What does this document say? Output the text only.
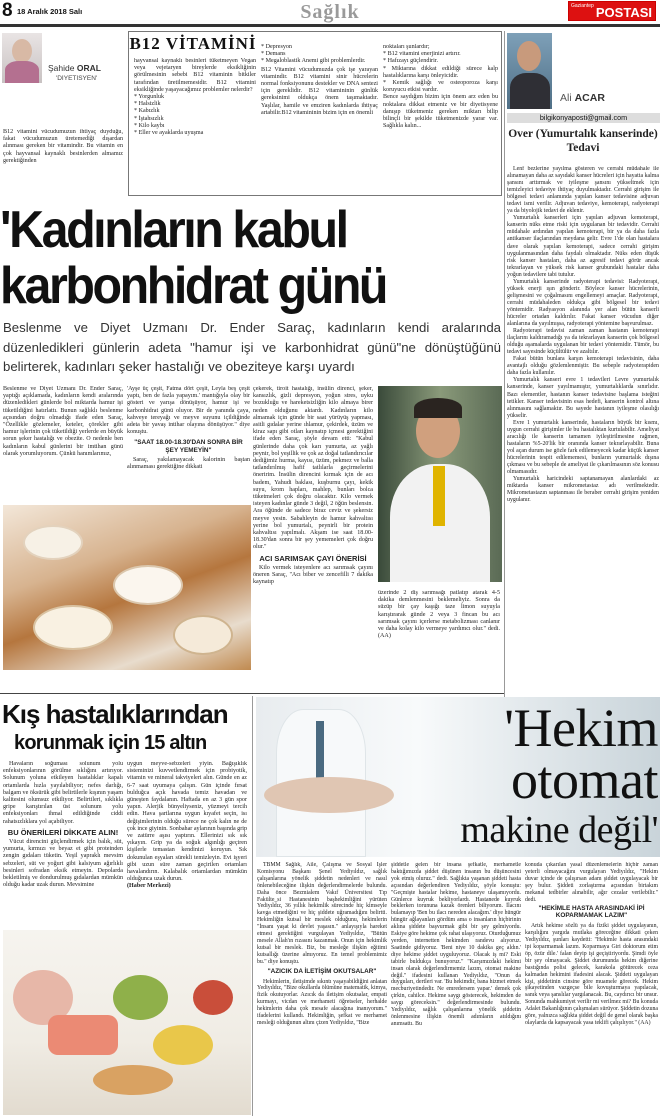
8 18 Aralık 2018 Salı	Sağlık	Gaziantep POSTASI
Şahide ORAL
'DİYETİSYEN'
B12 vitamini vücudumuzun ihtiyaç duyduğu, fakat vücudumuzun üretemediği dışardan alınması gereken bir vitamindir. Bu vitamin en çok hayvansal kaynaklı besinlerden almamız gerektiğinden
B12 VİTAMİNİ

hayvansal kaynaklı besinleri tüketmeyen Vegan veya vejetaryen bireylerde eksikliğinin görülmesinin sebebi B12 vitaminin bitkiler tarafından üretilmemesidir. B12 vitamini eksikliğinde yaşayacağımız problemler nelerdir?

* Yorgunluk
* Halsizlik
* Kabızlık
* İştahsızlık
* Kilo kaybı
* Eller ve ayaklarda uyuşma
* Depresyon
* Demans
* Megaloblastik Anemi gibi problemlerdir.

B12 Vitamini vücudumuzda çok işe yarayan vitamindir. B12 vitamini sinir hücrelerin normal fonksiyonunu destekler ve DNA sentezi için gereklidir. B12 vitamininin günlük gereksinimi oldukça önem taşımaktadır. Yaşlılar, hamile ve emziren kadınlarda ihtiyaç artabilir.B12 vitamininin bizim için en önemli

noktaları şunlardır;

* B12 vitamini enerjinizi artırır.
* Hafızayı güçlendirir.
* Miktarına dikkat edildiği sürece kalp hastalıklarına karşı önleyicidir.
* Kemik sağlığı ve osteoporoza karşı koruyucu etkisi vardır.

Bence saydığım bizim için önem arz eden bu noktalara dikkat etmeniz ve bir diyetisyene danışıp tüketmeniz gereken miktarı bilip bilinçli bir şekilde tüketmenizde yarar var. Sağlıkla kalın...

Ali ACAR
bilgikonyaposti@gmail.com
Over (Yumurtalık kanserinde) Tedavi

Lenf bezlerine yayılma gösteren ve cerrahi müdahale ile alınamayan daha az sayıdaki kanser hücreleri için hayatta kalma şansını arttırmak ve iyileşme şansını yükseltmek için temizleyici tedaviye ihtiyaç duyulmaktadır. Cerrahi girişim ile bölgesel tedavi anlamında yapılan kanser tedavisine adjuvan tedavi ismi verilir. Adjuvan tedaviye, kemoterapi, radyoterapi ya da biyolojik tedavi de eklenir.

Yumurtalık kanserleri için yapılan adjuvan kemoterapi, kanserin nüks etme riski için uygulanan bir tedavidir. Cerrahi müdahale ardından yapılan kemoterapi, bir ya da daha fazla antikanser ilaçlarından meydana gelir. Evre 1'de olan hastalara dave olarak yapılan kemoterapi, sadece cerrahi girişim uygulanmasından daha faydalı olmaktadır. Nüks eden düşük risk kanser hastaları, daha az agresif tedavi görür ancak tekrarlayan ve yüksek risk kanser grubundaki hastalar daha yoğun tedavilere tabi tutulur.

Yumurtalık kanserinde radyoterapi tedavisi: Radyoterapi, yüksek enerji ışın gönderir. Böylece kanser hücrelerinin, gelişmesini ve çoğalmasını engellemeyi amaçlar. Radyoterapi, cerrahi müdahaleden oldukça gibi bölgesel bir tedavi yöntemidir. Radyasyon alanında yer alan bütün kanserli hücreler ortadan kaldırılır. Fakat kanser vücudun diğer alanlarına da yayılmışsa, radyoterapi yöntemine başvurulmaz.

Radyoterapi tedavisi zaman zaman hastanın kemoterapi ilaçlarını kaldıramadığı ya da tekrarlayan kanserin çok bölgesel olduğu aşamalarda uygulanan bir tedavi yöntemidir. Tümör, bu tedavi sayesinde küçültülür ve azaltılır.

Fakat bütün bunlara karşın kemoterapi tedavisinin, daha avantajlı olduğu gözlemlenmiştir. Bu sebeple radyoterapiden daha fazla kullanılır.

Yumurtalık kanseri evre 1 tedavileri Levre yumurtalık kanserinde, kanser yayılmamıştır, yumurtalıklarda sınırlıdır. Bazı elementler, hastanın kanser tedavisine başlama isteğini tetikler. Kanser tedavisinin esas hedefi, kanserin kontrol altına alınmasını sağlamaktır. Bu sayede hastanın iyileşme olasılığı yükselir.

Evre 1 yumurtalık kanserinde, hastaların büyük bir kısmı, uygun cerrahi girişimler ile bu hastalıktan kurtulabilir. Ameliyat aracılığı ile kanserin tamamen iyileştirilmesine rağmen, hastaların %5-20'lik bir oranında kanser tekrarlayabilir. Buna yol açan durum ise gözle fark edilemeyecek kadar küçük kanser hücrelerinin tespit edilememesi, bunların yumurtalık dışına çıkması ve bu sebeple de ameliyat ile çıkarılmasının söz konusu olmamasıdır.

Yumurtalık haricindeki saptanamayan alanlardaki az miktarda kanser mikrometastaz adı verilmektedir. Mikrometastazın saptanması ile beraber cerrahi girişim yeniden uygulanır.

'Kadınların kabul
karbonhidrat günü
Beslenme ve Diyet Uzmanı Dr. Ender Saraç, kadınların kendi aralarında düzenledikleri günlerin adeta "hamur işi ve karbonhidrat günü"ne dönüştüğünü belirterek, kadınları şeker hastalığı ve obeziteye karşı uyardı
Beslenme ve Diyet Uzmanı Dr. Ender Saraç, yaptığı açıklamada, kadınların kendi aralarında düzenledikleri günlerde bol miktarda hamur işi tüketildiğini hatırlattı. Bunun sağlıklı beslenme açısından doğru olmadığı ifade eden Saraç, "Özellikle gözlemeler, keteler, çörekler gibi hamur işlerinin çok tüketildiği yerlerde en büyük sorun şeker hastalığı ve obezite. O nedenle ben kadınların kabul günlerini bir imtihan günü olarak yorumluyorum. Çünkü hanımlarımız,

'Ayşe üç çeşit, Fatma dört çeşit, Leyla beş çeşit yaptı, ben de fazla yapayım.' mantığıyla olay bir gösteri ve yarışa dönüşüyor, hamur işi ve karbonhidrat günü oluyor. Bir de yanında çaya, kahveye tereyağı ve meyve suyunu içildiğinde adeta bir yavaş intihar olayına dönüşüyor." diye konuştu.

"SAAT 18.00-18.30'DAN SONRA BİR ŞEY YEMEYİN"

Saraç, yakılamayacak kalorinin baştan alınmaması gerektiğine dikkati

çekerek, tiroit hastalığı, insülin direnci, şeker, kansızlık, gizli depresyon, yoğun stres, uyku bozukluğu ve hareketsizliğin kilo almaya birer neden olduğunu aktardı. Kadınların kilo almamak için günde bir saat yürüyüş yapması, asitli gıdalar yerine ıhlamur, çekirdek, üzüm ve kiraz sapı gibi otları kaynatıp içmesi gerektiğini ifade eden Saraç, şöyle devam etti: "Kabul günlerinde daha çok karı yumurta, az yağlı peynir, bol yeşillik ve çok az doğal tatlandırıcılar dediğimiz hurma, kayısı, üzüm, pekmez ve balla tatlandırılmış hafif tatlılarla geçirmelerini öneririm. İnsülin direncini kırmak için de acı badem, Yahudi baklası, kuşburnu çayı, kekik suyu, krom hapları, mahlep, bunları bolca tüketmeleri çok doğru olacaktır. Kilo vermek isteyen kadınlar günde 3 değil, 2 öğün beslensin. Ara öğünde de sadece biraz ceviz ve şekersiz meyve yesin. Sabahleyin de hamur kahvaltısı yerine bol yumurtalı, peynirli bir protein kahvaltısı yapılmalı. Akşam ise saat 18.00-18.30'dan sonra bir şey yememeleri çok doğru olur."

ACI SARIMSAK ÇAYI ÖNERİSİ

Kilo vermek isteyenlere acı sarımsak çayını öneren Saraç, "Acı biber ve zencefilli 7 dakika kaynatıp

üzerinde 2 diş sarımsağı patlatıp atarak 4-5 dakika demlenmesini beklemeliyiz. Sonra da süzüp bir çay kaşığı taze limon suyuyla karıştırarak günde 2 veya 3 fincan bu acı sarımsak çayını içerlerse metabolizması canlanır ve daha kolay kilo vermeye yardımcı olur." dedi. (AA)
Kış hastalıklarından
korunmak için 15 altın

Havaların soğuması solunum yolu enfeksiyonlarının görülme sıklığını artırıyor. Solunum yoluna etkileyen hastalıklar kapalı ortamlarda hızla yayılabiliyor; nefes darlığı, balgam ve öksürük gibi belirtilerle kışının yaşam kalitesini olumsuz etkiliyor. Belirtileri, sıklıkla gripe karıştırılan üst solunum yolu enfeksiyonları ihmal edildiğinde ciddi rahatsızlıklara yol açabiliyor.

BU ÖNERİLERİ DİKKATE ALIN!

Vücut direncini güçlendirmek için balık, süt, yumurta, kırmızı ve beyaz et gibi proteinden zengin gıdaları tüketin. Yeşil yapraklı mevsim sebzeleri, süt ve yoğurt gibi kalsiyum ağırlıklı besinleri sofradan eksik etmeyin. Depolarda bekletilmiş ve dondurulmuş gıdalardan mümkün olduğu kadar uzak durun. Mevsimine

uygun meyve-sebzeleri yiyin. Bağışıklık sisteminizi kuvvetlendirmek için probiyotik, vitamin ve mineral takviyeleri alın. Günde en az 6-7 saat uyumaya çalışın. Gün içinde fırsat bulduğca açık havada temiz havadan ve güneşten faydalanın. Haftada en az 3 gün spor yapın. Alerjik bünyeliyseniz, yüzmeyi tercih edin. Hava şartlarına uygun kıyafet seçin, isı değişimlerinin olduğu sürece ne çok kalın ne de çok ince giyinin. Sonbahar aylarının başında grip ve zatürre aşısı yaptırın. Ellerinizi sık sık yıkayın. Grip ya da soğuk algınlığı geçiren kişilerle temastan kendinizi koruyun. Sık dokunulan eşyaları sürekli temizleyin. Evi işyeri gibi uzun süre zaman geçirilen ortamları havalandırın. Kalabalık ortamlardan mümkün olduğunca uzak durun.

(Haber Merkezi)
'Hekim
otomat
makine değil'

TBMM Sağlık, Aile, Çalışma ve Sosyal İşler Komisyonu Başkanı Şenel Yediyıldız, sağlık çalışanlarına yönelik şiddetin nedenleri ve nasıl önlenebileceğine ilişkin değerlendirmelerde bulundu. Daha önce Bezmialem Vakıf Üniversitesi Tıp Fakülte_si Hastanesinin başhekimliğini yürüten Yediyıldız, 36 yıllık hekimlik sürecinde hiç kimseyle kavga etmediğini ve hiç şiddete uğramadığını belirtti. Hekimliğin kutsal bir meslek olduğunu, hekimlerin "İnsanı yaşat ki devlet yaşasın." anlayışıyla hareket etmesi gerektiğini vurgulayan Yediyıldız, "Bütün mesele Allah'ın rızasını kazanmak. Onun için hekimlik kutsal bir meslek. Biz, bu mesleğe ilişkin eğitimi kutsallığı üzerine almıyoruz. En temel problemimiz bu." diye konuştu.

"AZICIK DA İLETİŞİM OKUTSALAR"

Hekimlerin, iletişimde sıkıntı yaşayabildiğini anlatan Yediyıldız, "Bize okullarda ölümüne matematik, kimya, fizik okutuyorlar. Azıcık da iletişim okutsalar, empati kurmayı, vicdan ve merhameti öğretseler, herhalde hekimlerin daha çok mesafe alacağına inanıyorum." ifadelerini kullandı. Hekimliğin, şefkat ve merhamet mesleği olduğunun altını çizen Yediyıldız, "Bize

şiddetle gelen bir insana şefkatle, merhametle baktığımızda şiddet düşünen insanın bu düşüncesini yok etmiş oluruz." dedi. Sağlıkta yaşanan şiddeti hasta açısından değerlendiren Yediyıldız, şöyle konuştu: "Geçmişte hastalar hekime, hastaneye ulaşamıyordu. Günlerce kuyruk bekliyorlardı. Hastanede kuyruk beklerken torununa kazak örenleri biliyorum. İlacını bulamayıp 'Ben bu ilacı nereden alacağım.' diye hüngür hüngür ağlayanları gördüm ama o insanların hiçbirinin aklına şiddete başvurmak gibi bir şey gelmiyordu. Eskiye göre hekime çok rahat ulaşıyoruz. Oturduğumuz yerden, internetten hekimden randevu alıyoruz. Saatinde gidiyoruz. 'Beni niye 10 dakika geç aldın.' diye hekime şiddet uyguluyoruz. Olacak iş mi? Eski tabirle buldukça bunuyoruz." "Karşımızdaki hekimi insan olarak değerlendirmemiz lazım, otomat makine değil." ifadesini kullanan Yediyıldız, "Onun da duyguları, dertleri var. 'Bu hekimdir, bana hizmet etmek mecburiyetindedir. Ne emredersem yapar.' demek çok çirkin, cahilce. Hekime saygı gösterecek, hekimden de saygı göreceksin." değerlendirmesinde bulundu. Yediyıldız, sağlık çalışanlarına yönelik şiddetin önlenmesine ilişkin önemli adımların atıldığını anımsattı. Bu

konuda çıkarılan yasal düzenlemelerin hiçbir zaman yeterli olmayacağını vurgulayan Yediyıldız, "Hekim duvar içinde de çalışırsan adam şiddet uygulayacak bir şey bulur. Şiddeti zorlaştırma açısından birtakım mekanal tedbirler alınabilir, ağır cezalar verilebilir." dedi.

"HEKİMLE HASTA ARASINDAKİ İPİ KOPARMAMAK LAZIM"

Artık hekime sözlü ya da fiziki şiddet uygulayanın, karşılığını yargıda mutlaka göreceğine dikkati çeken Yediyıldız, şunları kaydetti: "Hekimle hasta arasındaki ipi koparmamak lazım. Koparmaya Giri doktorum etim öp, özür dile.' falan deyip işi geçiştiriyordu. Şimdi öyle bir şey olmayacak. Şiddet durumunda hekim diğerine bastığında polisi gelecek, karakola götürecek ceza kalmadan hekimini ifadesini alacak. Şiddeti uygulayan kişi, şiddetinin cinsine göre muamele görecek. Hekim şikayetinden vazgeçse bile kovuşturmaya yapılacak, sanık veya şanslılar yargılanacak. Bu, caydırıcı bir unsur. Sonunda mahkumiyet verilir mi verilmez mi? Bu konuda Adalet Bakanlığının çalışmaları sürüyor. Şiddetin dozuna göre, yalnızca sağlıkta şiddet değil de genel olarak başka olaylarda da kapsayacak yasa teklifi çalışılıyor." (AA)
